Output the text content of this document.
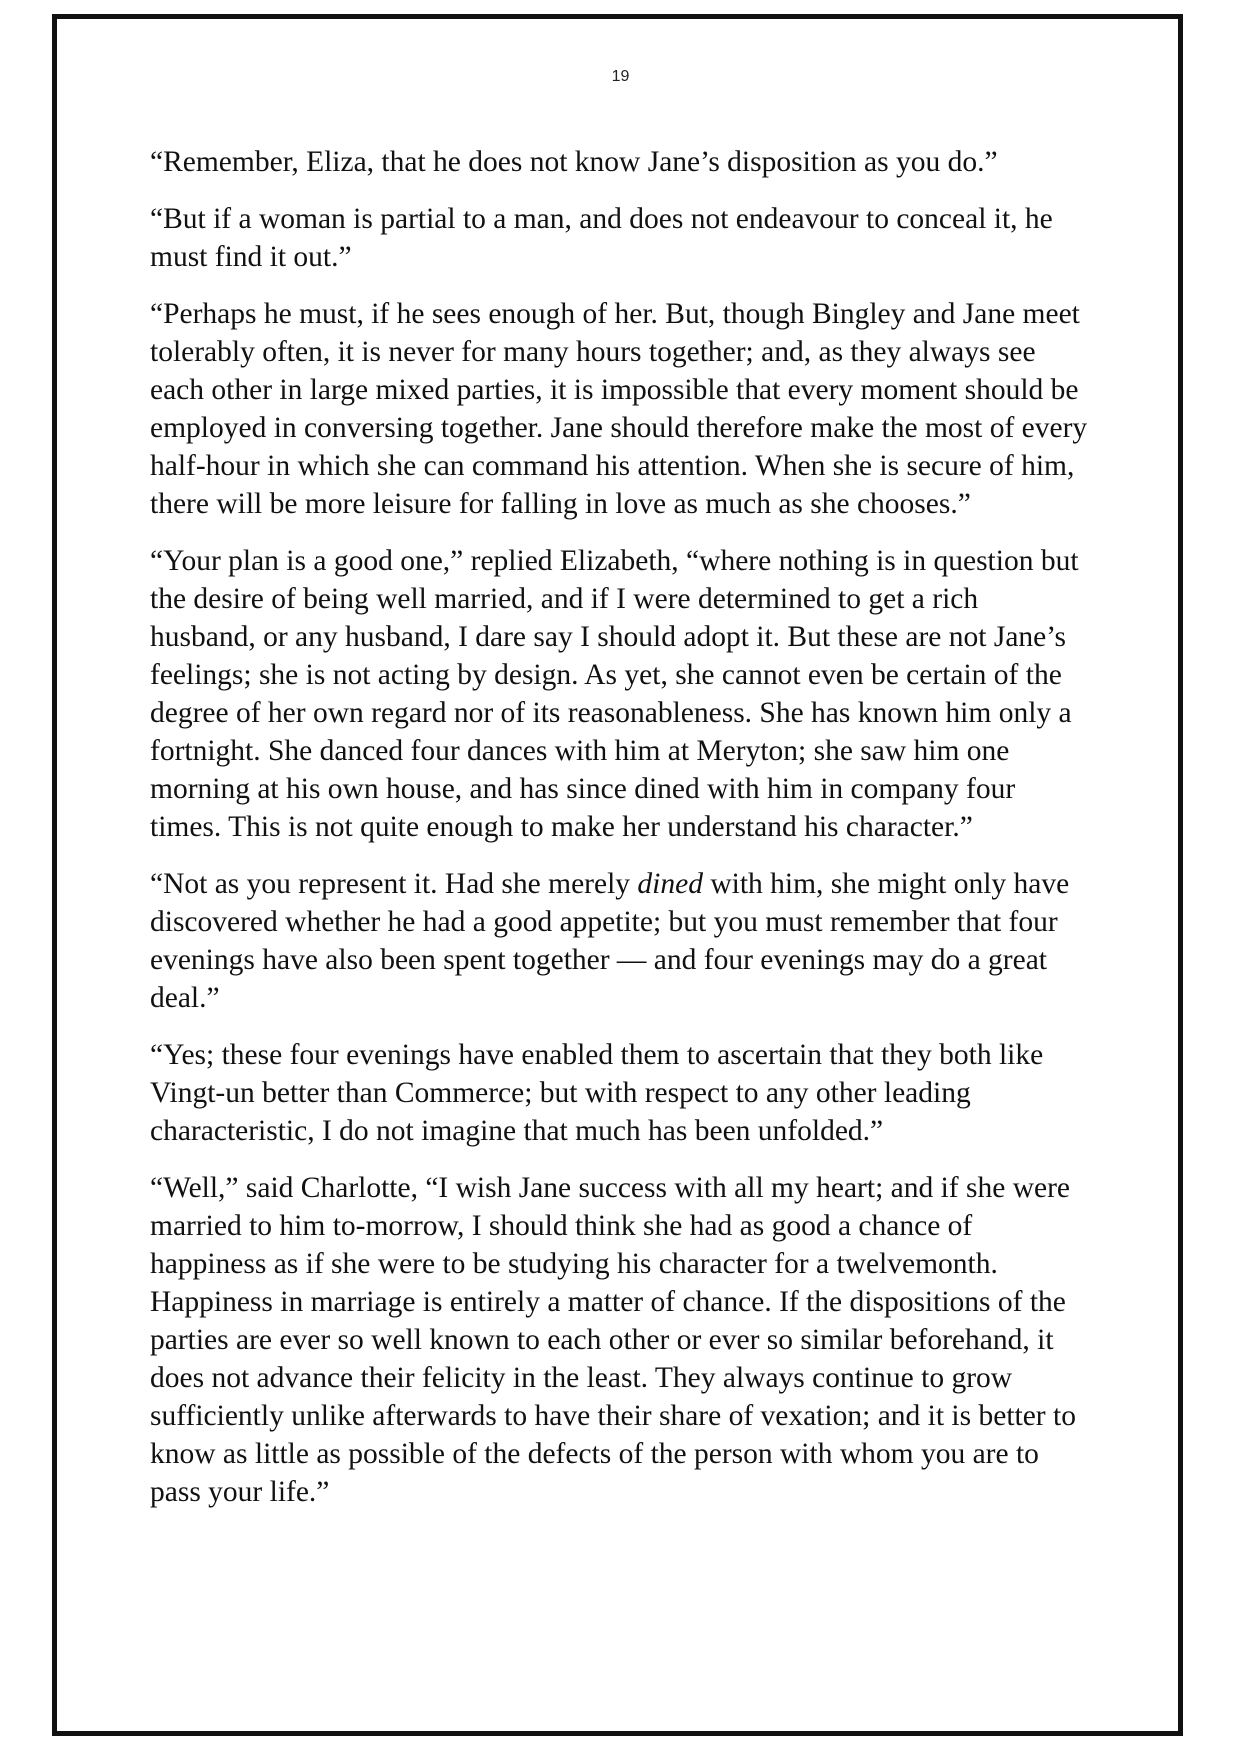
19

“Remember, Eliza, that he does not know Jane’s disposition as you do.”

“But if a woman is partial to a man, and does not endeavour to conceal it, he must find it out.”

“Perhaps he must, if he sees enough of her. But, though Bingley and Jane meet tolerably often, it is never for many hours together; and, as they always see each other in large mixed parties, it is impossible that every moment should be employed in conversing together. Jane should therefore make the most of every half-hour in which she can command his attention. When she is secure of him, there will be more leisure for falling in love as much as she chooses.”

“Your plan is a good one,” replied Elizabeth, “where nothing is in question but the desire of being well married, and if I were determined to get a rich husband, or any husband, I dare say I should adopt it. But these are not Jane’s feelings; she is not acting by design. As yet, she cannot even be certain of the degree of her own regard nor of its reasonableness. She has known him only a fortnight. She danced four dances with him at Meryton; she saw him one morning at his own house, and has since dined with him in company four times. This is not quite enough to make her understand his character.”

“Not as you represent it. Had she merely dined with him, she might only have discovered whether he had a good appetite; but you must remember that four evenings have also been spent together — and four evenings may do a great deal.”

“Yes; these four evenings have enabled them to ascertain that they both like Vingt-un better than Commerce; but with respect to any other leading characteristic, I do not imagine that much has been unfolded.”

“Well,” said Charlotte, “I wish Jane success with all my heart; and if she were married to him to-morrow, I should think she had as good a chance of happiness as if she were to be studying his character for a twelvemonth. Happiness in marriage is entirely a matter of chance. If the dispositions of the parties are ever so well known to each other or ever so similar beforehand, it does not advance their felicity in the least. They always continue to grow sufficiently unlike afterwards to have their share of vexation; and it is better to know as little as possible of the defects of the person with whom you are to pass your life.”
